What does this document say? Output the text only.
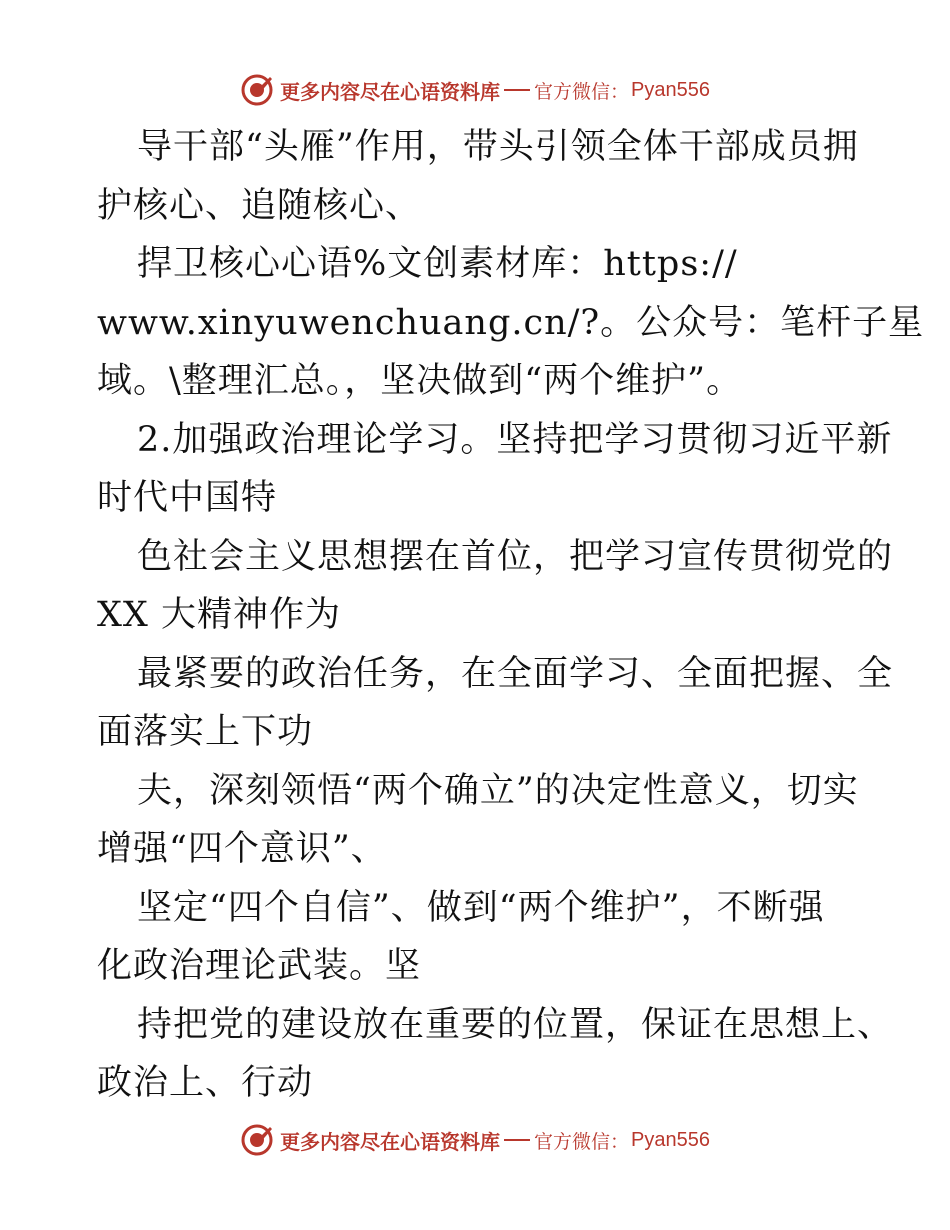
更多内容尽在心语资料库 官方微信： Pyan556
导干部“头雁”作用，带头引领全体干部成员拥
护核心、追随核心、
捍卫核心心语%文创素材库：https://
www.xinyuwenchuang.cn/?。公众号：笔杆子星
域。\整理汇总。，坚决做到“两个维护”。
2.加强政治理论学习。坚持把学习贯彻习近平新
时代中国特
色社会主义思想摆在首位，把学习宣传贯彻党的
XX 大精神作为
最紧要的政治任务，在全面学习、全面把握、全
面落实上下功
夫，深刻领悟“两个确立”的决定性意义，切实
增强“四个意识”、
坚定“四个自信”、做到“两个维护”，不断强
化政治理论武装。坚
持把党的建设放在重要的位置，保证在思想上、
政治上、行动
更多内容尽在心语资料库 官方微信： Pyan556
